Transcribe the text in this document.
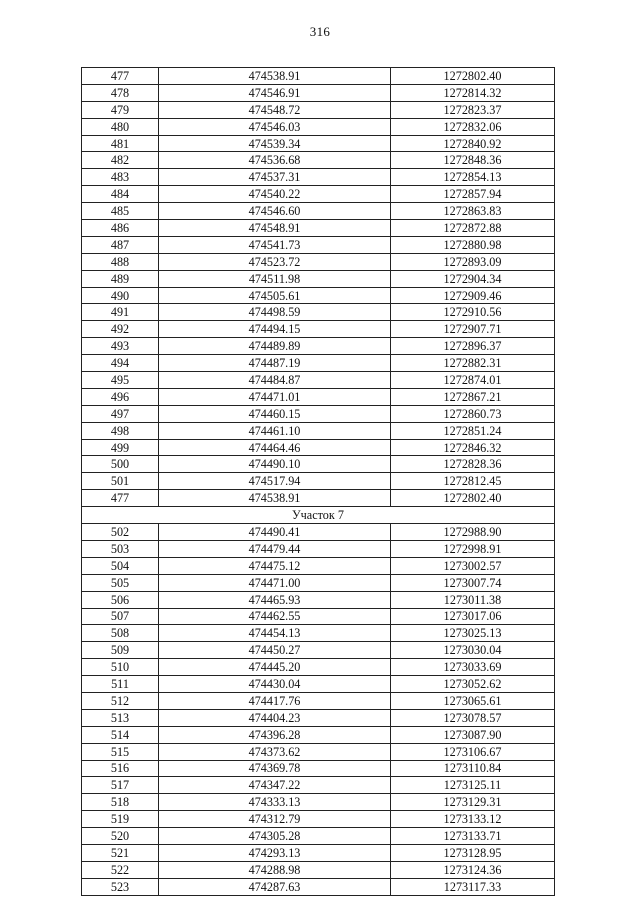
316
477	474538.91	1272802.40
478	474546.91	1272814.32
479	474548.72	1272823.37
480	474546.03	1272832.06
481	474539.34	1272840.92
482	474536.68	1272848.36
483	474537.31	1272854.13
484	474540.22	1272857.94
485	474546.60	1272863.83
486	474548.91	1272872.88
487	474541.73	1272880.98
488	474523.72	1272893.09
489	474511.98	1272904.34
490	474505.61	1272909.46
491	474498.59	1272910.56
492	474494.15	1272907.71
493	474489.89	1272896.37
494	474487.19	1272882.31
495	474484.87	1272874.01
496	474471.01	1272867.21
497	474460.15	1272860.73
498	474461.10	1272851.24
499	474464.46	1272846.32
500	474490.10	1272828.36
501	474517.94	1272812.45
477	474538.91	1272802.40
Участок 7		
502	474490.41	1272988.90
503	474479.44	1272998.91
504	474475.12	1273002.57
505	474471.00	1273007.74
506	474465.93	1273011.38
507	474462.55	1273017.06
508	474454.13	1273025.13
509	474450.27	1273030.04
510	474445.20	1273033.69
511	474430.04	1273052.62
512	474417.76	1273065.61
513	474404.23	1273078.57
514	474396.28	1273087.90
515	474373.62	1273106.67
516	474369.78	1273110.84
517	474347.22	1273125.11
518	474333.13	1273129.31
519	474312.79	1273133.12
520	474305.28	1273133.71
521	474293.13	1273128.95
522	474288.98	1273124.36
523	474287.63	1273117.33
